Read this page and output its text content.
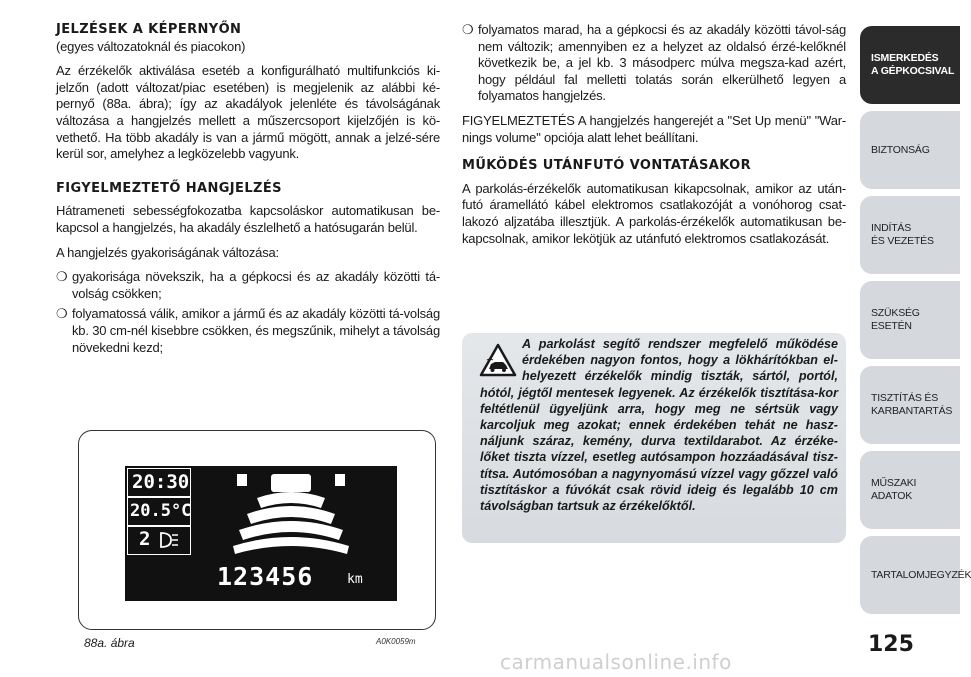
JELZÉSEK A KÉPERNYŐN
(egyes változatoknál és piacokon)

Az érzékelők aktiválása esetéb a konfigurálható multifunkciós ki-jelzőn (adott változat/piac esetében) is megjelenik az alábbi ké-pernyő (88a. ábra); így az akadályok jelenléte és távolságának változása a hangjelzés mellett a műszercsoport kijelzőjén is kö-vethető. Ha több akadály is van a jármű mögött, annak a jelzé-sére kerül sor, amelyhez a legközelebb vagyunk.

FIGYELMEZTETŐ HANGJELZÉS

Hátrameneti sebességfokozatba kapcsoláskor automatikusan be-kapcsol a hangjelzés, ha akadály észlelhető a hatósugarán belül.

A hangjelzés gyakoriságának változása:

❍ gyakorisága növekszik, ha a gépkocsi és az akadály közötti tá-volság csökken;
❍ folyamatossá válik, amikor a jármű és az akadály közötti tá-volság kb. 30 cm-nél kisebbre csökken, és megszűnik, mihelyt a távolság növekedni kezd;
❍ folyamatos marad, ha a gépkocsi és az akadály közötti távol-ság nem változik; amennyiben ez a helyzet az oldalsó érzé-kelőknél következik be, a jel kb. 3 másodperc múlva megsza-kad azért, hogy például fal melletti tolatás során elkerülhető legyen a folyamatos hangjelzés.

FIGYELMEZTETÉS A hangjelzés hangerejét a "Set Up menü" "War-nings volume" opciója alatt lehet beállítani.

MŰKÖDÉS UTÁNFUTÓ VONTATÁSAKOR

A parkolás-érzékelők automatikusan kikapcsolnak, amikor az után-futó áramellátó kábel elektromos csatlakozóját a vonóhorog csat-lakozó aljzatába illesztjük. A parkolás-érzékelők automatikusan be-kapcsolnak, amikor lekötjük az utánfutó elektromos csatlakozását.

A parkolást segítő rendszer megfelelő működése érdekében nagyon fontos, hogy a lökhárítókban el-helyezett érzékelők mindig tiszták, sártól, portól, hótól, jégtől mentesek legyenek. Az érzékelők tisztítása-kor feltétlenül ügyeljünk arra, hogy meg ne sértsük vagy karcoljuk meg azokat; ennek érdekében tehát ne hasz-náljunk száraz, kemény, durva textildarabot. Az érzéke-lőket tiszta vízzel, esetleg autósampon hozzáadásával tisz-títsa. Autómosóban a nagynyomású vízzel vagy gőzzel való tisztításkor a fúvókát csak rövid ideig és legalább 10 cm távolságban tartsuk az érzékelőktől.
20:30
20.5°C
2
123456	km
88a. ábra	A0K0059m
ISMERKEDÉS
A GÉPKOCSIVAL
BIZTONSÁG
INDÍTÁS
ÉS VEZETÉS
SZÜKSÉG
ESETÉN
TISZTÍTÁS ÉS
KARBANTARTÁS
MŰSZAKI
ADATOK
TARTALOMJEGYZÉK
125
carmanualsonline.info
